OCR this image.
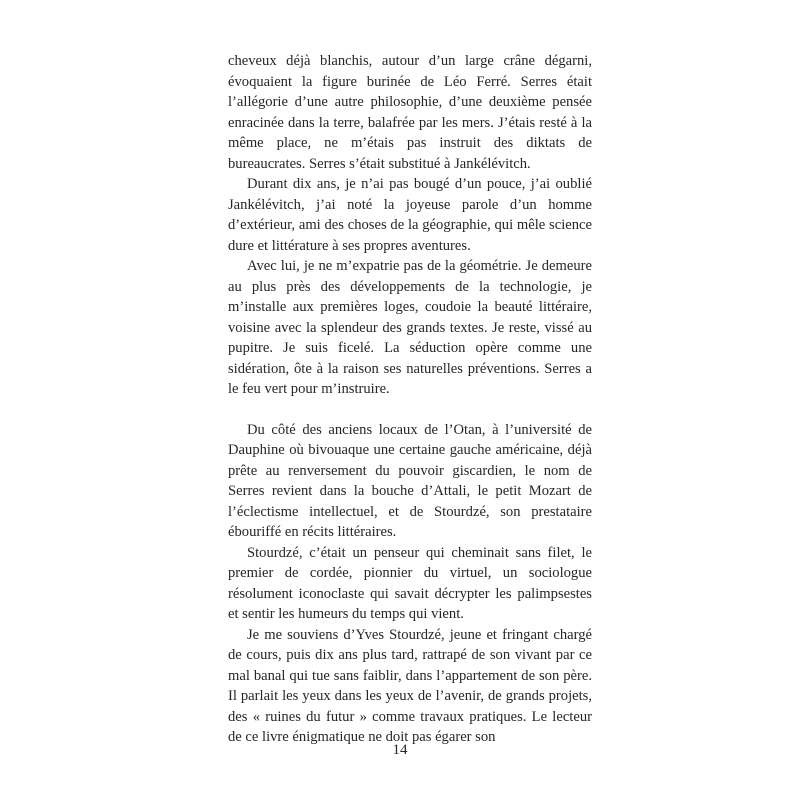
cheveux déjà blanchis, autour d’un large crâne dégarni, évoquaient la figure burinée de Léo Ferré. Serres était l’allégorie d’une autre philosophie, d’une deuxième pensée enracinée dans la terre, balafrée par les mers. J’étais resté à la même place, ne m’étais pas instruit des diktats de bureaucrates. Serres s’était substitué à Jankélévitch.

Durant dix ans, je n’ai pas bougé d’un pouce, j’ai oublié Jankélévitch, j’ai noté la joyeuse parole d’un homme d’extérieur, ami des choses de la géographie, qui mêle science dure et littérature à ses propres aventures.

Avec lui, je ne m’expatrie pas de la géométrie. Je demeure au plus près des développements de la technologie, je m’installe aux premières loges, coudoie la beauté littéraire, voisine avec la splendeur des grands textes. Je reste, vissé au pupitre. Je suis ficelé. La séduction opère comme une sidération, ôte à la raison ses naturelles préventions. Serres a le feu vert pour m’instruire.

Du côté des anciens locaux de l’Otan, à l’université de Dauphine où bivouaque une certaine gauche américaine, déjà prête au renversement du pouvoir giscardien, le nom de Serres revient dans la bouche d’Attali, le petit Mozart de l’éclectisme intellectuel, et de Stourdzé, son prestataire ébouriffé en récits littéraires.

Stourdzé, c’était un penseur qui cheminait sans filet, le premier de cordée, pionnier du virtuel, un sociologue résolument iconoclaste qui savait décrypter les palimpsestes et sentir les humeurs du temps qui vient.

Je me souviens d’Yves Stourdzé, jeune et fringant chargé de cours, puis dix ans plus tard, rattrapé de son vivant par ce mal banal qui tue sans faiblir, dans l’appartement de son père. Il parlait les yeux dans les yeux de l’avenir, de grands projets, des « ruines du futur » comme travaux pratiques. Le lecteur de ce livre énigmatique ne doit pas égarer son

14
